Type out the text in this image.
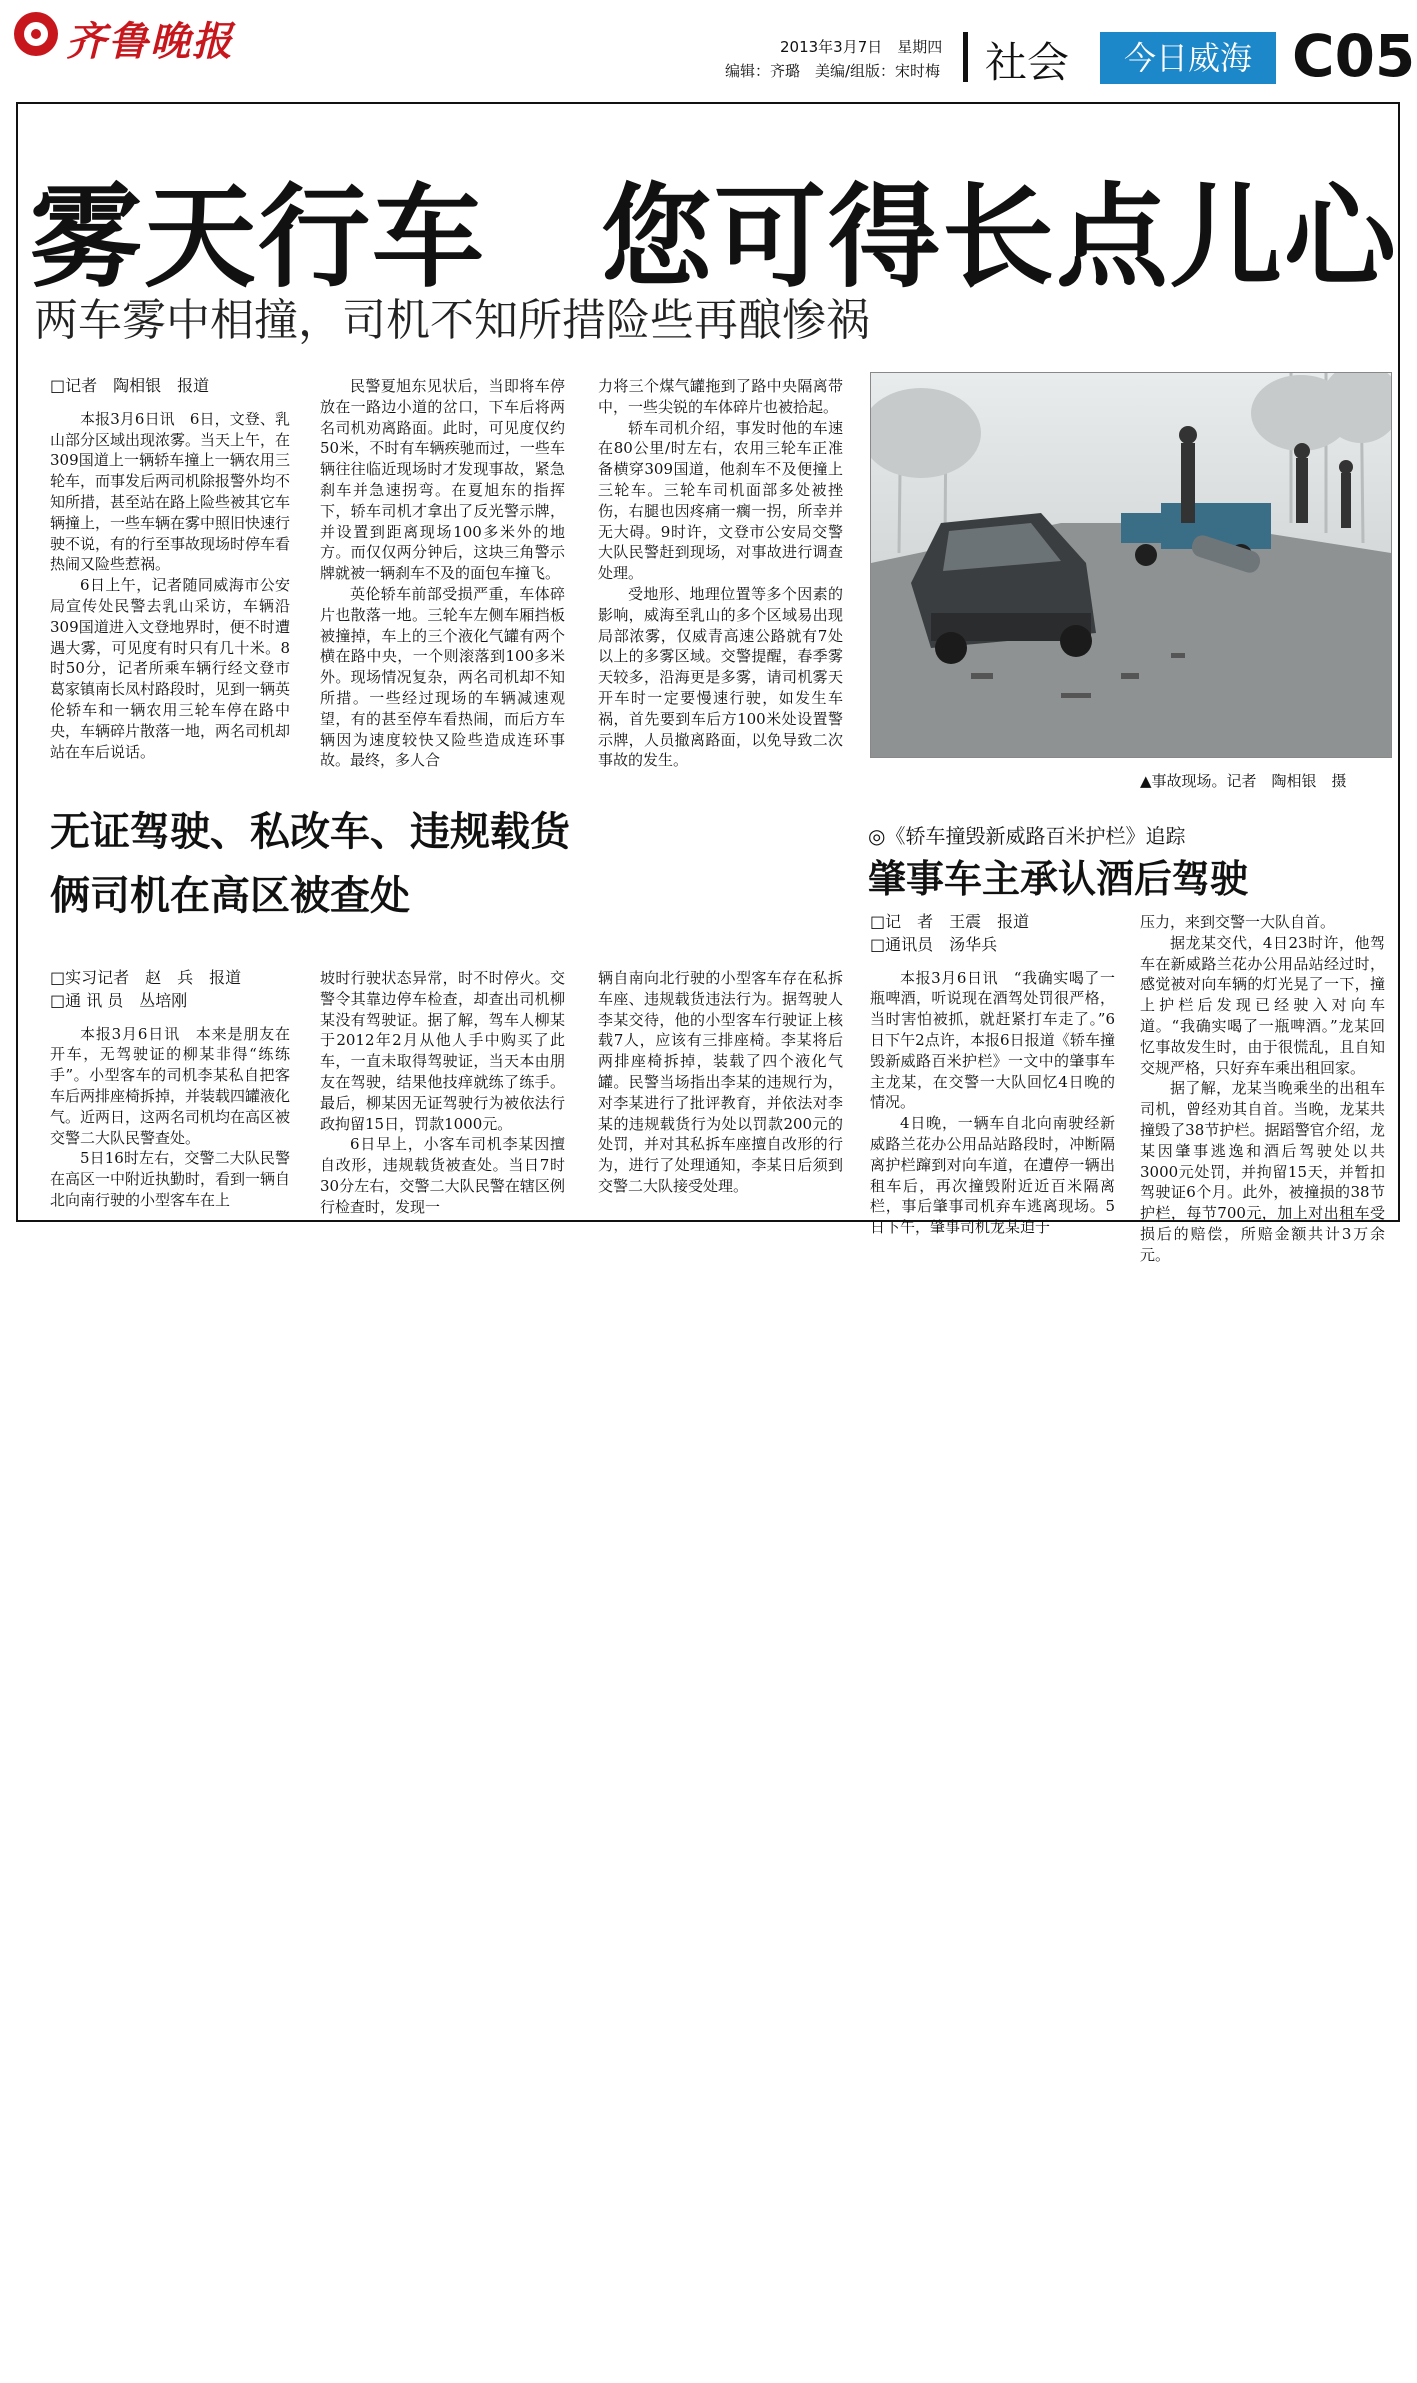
齐鲁晚报	2013年3月7日　星期四
编辑：齐璐　美编/组版：宋时梅 社会	今日威海 C05
雾天行车　您可得长点儿心
两车雾中相撞，司机不知所措险些再酿惨祸
□记者　陶相银　报道

本报3月6日讯　6日，文登、乳山部分区域出现浓雾。当天上午，在309国道上一辆轿车撞上一辆农用三轮车，而事发后两司机除报警外均不知所措，甚至站在路上险些被其它车辆撞上，一些车辆在雾中照旧快速行驶不说，有的行至事故现场时停车看热闹又险些惹祸。

6日上午，记者随同威海市公安局宣传处民警去乳山采访，车辆沿309国道进入文登地界时，便不时遭遇大雾，可见度有时只有几十米。8时50分，记者所乘车辆行经文登市葛家镇南长凤村路段时，见到一辆英伦轿车和一辆农用三轮车停在路中央，车辆碎片散落一地，两名司机却站在车后说话。

民警夏旭东见状后，当即将车停放在一路边小道的岔口，下车后将两名司机劝离路面。此时，可见度仅约50米，不时有车辆疾驰而过，一些车辆往往临近现场时才发现事故，紧急刹车并急速拐弯。在夏旭东的指挥下，轿车司机才拿出了反光警示牌，并设置到距离现场100多米外的地方。而仅仅两分钟后，这块三角警示牌就被一辆刹车不及的面包车撞飞。

英伦轿车前部受损严重，车体碎片也散落一地。三轮车左侧车厢挡板被撞掉，车上的三个液化气罐有两个横在路中央，一个则滚落到100多米外。现场情况复杂，两名司机却不知所措。一些经过现场的车辆减速观望，有的甚至停车看热闹，而后方车辆因为速度较快又险些造成连环事故。最终，多人合

力将三个煤气罐拖到了路中央隔离带中，一些尖锐的车体碎片也被拾起。

轿车司机介绍，事发时他的车速在80公里/时左右，农用三轮车正准备横穿309国道，他刹车不及便撞上三轮车。三轮车司机面部多处被挫伤，右腿也因疼痛一瘸一拐，所幸并无大碍。9时许，文登市公安局交警大队民警赶到现场，对事故进行调查处理。

受地形、地理位置等多个因素的影响，威海至乳山的多个区域易出现局部浓雾，仅威青高速公路就有7处以上的多雾区域。交警提醒，春季雾天较多，沿海更是多雾，请司机雾天开车时一定要慢速行驶，如发生车祸，首先要到车后方100米处设置警示牌，人员撤离路面，以免导致二次事故的发生。

▲事故现场。记者　陶相银　摄
无证驾驶、私改车、违规载货
俩司机在高区被查处
□实习记者　赵　兵　报道
□通 讯 员　丛培刚

本报3月6日讯　本来是朋友在开车，无驾驶证的柳某非得“练练手”。小型客车的司机李某私自把客车后两排座椅拆掉，并装载四罐液化气。近两日，这两名司机均在高区被交警二大队民警查处。

5日16时左右，交警二大队民警在高区一中附近执勤时，看到一辆自北向南行驶的小型客车在上

坡时行驶状态异常，时不时停火。交警令其靠边停车检查，却查出司机柳某没有驾驶证。据了解，驾车人柳某于2012年2月从他人手中购买了此车，一直未取得驾驶证，当天本由朋友在驾驶，结果他技痒就练了练手。最后，柳某因无证驾驶行为被依法行政拘留15日，罚款1000元。

6日早上，小客车司机李某因擅自改形，违规载货被查处。当日7时30分左右，交警二大队民警在辖区例行检查时，发现一

辆自南向北行驶的小型客车存在私拆车座、违规载货违法行为。据驾驶人李某交待，他的小型客车行驶证上核载7人，应该有三排座椅。李某将后两排座椅拆掉，装载了四个液化气罐。民警当场指出李某的违规行为，对李某进行了批评教育，并依法对李某的违规载货行为处以罚款200元的处罚，并对其私拆车座擅自改形的行为，进行了处理通知，李某日后须到交警二大队接受处理。

◎《轿车撞毁新威路百米护栏》追踪
肇事车主承认酒后驾驶
□记　者　王震　报道
□通讯员　汤华兵

本报3月6日讯　“我确实喝了一瓶啤酒，听说现在酒驾处罚很严格，当时害怕被抓，就赶紧打车走了。”6日下午2点许，本报6日报道《轿车撞毁新威路百米护栏》一文中的肇事车主龙某，在交警一大队回忆4日晚的情况。

4日晚，一辆车自北向南驶经新威路兰花办公用品站路段时，冲断隔离护栏蹿到对向车道，在遭停一辆出租车后，再次撞毁附近近百米隔离栏，事后肇事司机弃车逃离现场。5日下午，肇事司机龙某迫于

压力，来到交警一大队自首。

据龙某交代，4日23时许，他驾车在新威路兰花办公用品站经过时，感觉被对向车辆的灯光晃了一下，撞上护栏后发现已经驶入对向车道。“我确实喝了一瓶啤酒。”龙某回忆事故发生时，由于很慌乱，且自知交规严格，只好弃车乘出租回家。

据了解，龙某当晚乘坐的出租车司机，曾经劝其自首。当晚，龙某共撞毁了38节护栏。据蹈警官介绍，龙某因肇事逃逸和酒后驾驶处以共3000元处罚，并拘留15天，并暂扣驾驶证6个月。此外，被撞损的38节护栏，每节700元，加上对出租车受损后的赔偿，所赔金额共计3万余元。
